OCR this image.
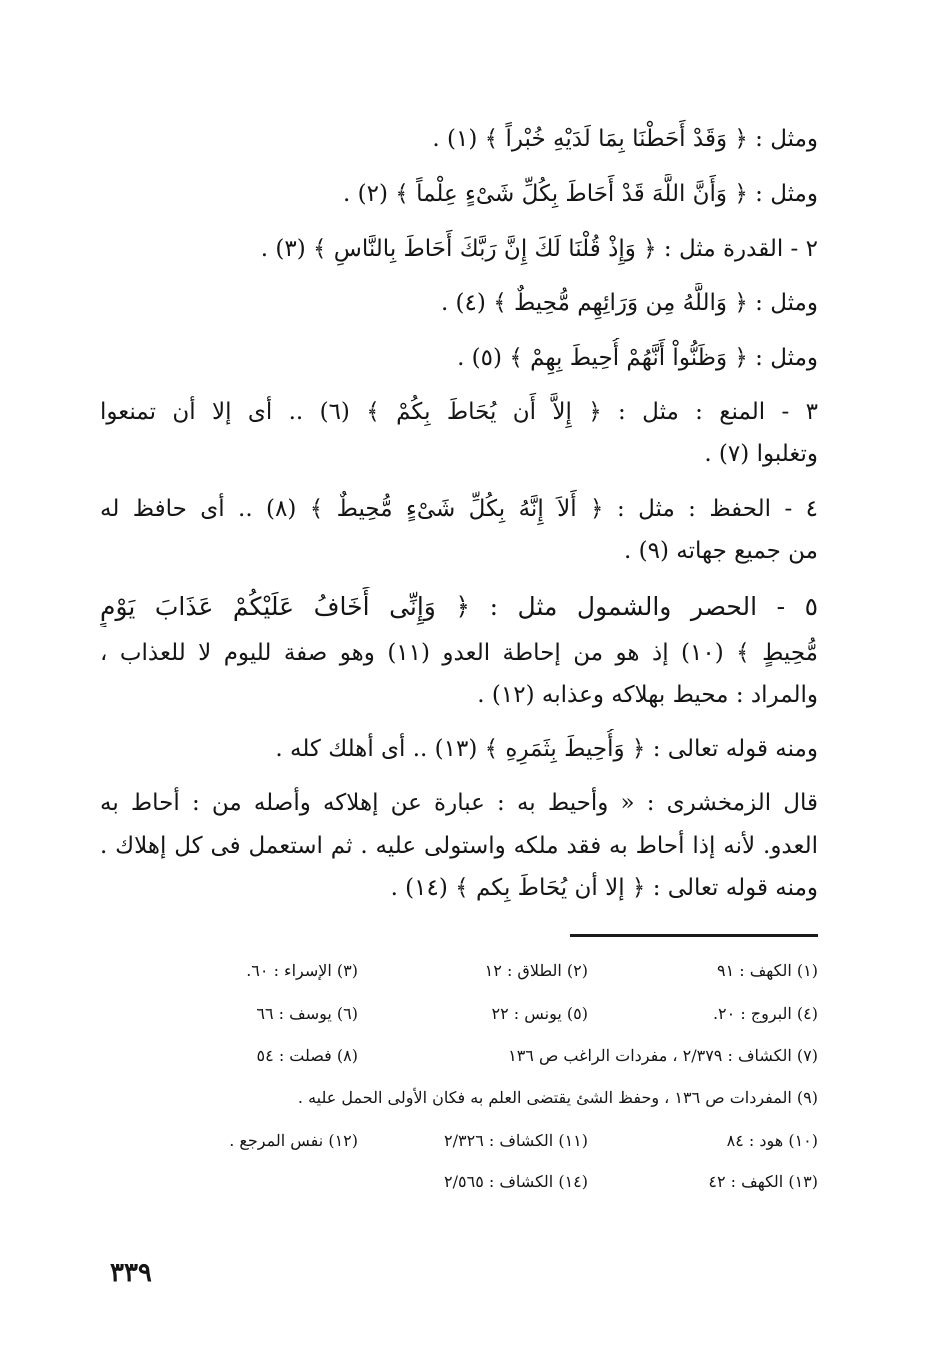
ومثل : ﴿ وَقَدْ أَحَطْنَا بِمَا لَدَيْهِ خُبْراً ﴾ (١) .
ومثل : ﴿ وَأَنَّ اللَّهَ قَدْ أَحَاطَ بِكُلِّ شَىْءٍ عِلْماً ﴾ (٢) .
٢ - القدرة مثل : ﴿ وَإِذْ قُلْنَا لَكَ إِنَّ رَبَّكَ أَحَاطَ بِالنَّاسِ ﴾ (٣) .
ومثل : ﴿ وَاللَّهُ مِن وَرَائِهِم مُّحِيطٌ ﴾ (٤) .
ومثل : ﴿ وَظَنُّواْ أَنَّهُمْ أُحِيطَ بِهِمْ ﴾ (٥) .
٣ - المنع : مثل : ﴿ إِلاَّ أَن يُحَاطَ بِكُمْ ﴾ (٦) .. أى إلا أن تمنعوا
وتغلبوا (٧) .
٤ - الحفظ : مثل : ﴿ أَلاَ إِنَّهُ بِكُلِّ شَىْءٍ مُّحِيطٌ ﴾ (٨) .. أى حافظ له
من جميع جهاته (٩) .
٥ - الحصر والشمول مثل : ﴿ وَإِنِّى أَخَافُ عَلَيْكُمْ عَذَابَ يَوْمٍ
مُّحِيطٍ ﴾ (١٠) إذ هو من إحاطة العدو (١١) وهو صفة لليوم لا للعذاب ،
والمراد : محيط بهلاكه وعذابه (١٢) .
ومنه قوله تعالى : ﴿ وَأُحِيطَ بِثَمَرِهِ ﴾ (١٣) .. أى أهلك كله .
قال الزمخشرى : « وأحيط به : عبارة عن إهلاكه وأصله من : أحاط به
العدو. لأنه إذا أحاط به فقد ملكه واستولى عليه . ثم استعمل فى كل إهلاك .
ومنه قوله تعالى : ﴿ إلا أن يُحَاطَ بِكم ﴾ (١٤) .
(١) الكهف : ٩١
(٢) الطلاق : ١٢
(٣) الإسراء : ٦٠.
(٤) البروج : ٢٠.
(٥) يونس : ٢٢
(٦) يوسف : ٦٦
(٧) الكشاف : ٢/٣٧٩ ، مفردات الراغب ص ١٣٦
(٨) فصلت : ٥٤
(٩) المفردات ص ١٣٦ ، وحفظ الشئ يقتضى العلم به فكان الأولى الحمل عليه .
(١٠) هود : ٨٤
(١١) الكشاف : ٢/٣٢٦
(١٢) نفس المرجع .
(١٣) الكهف : ٤٢
(١٤) الكشاف : ٢/٥٦٥
٣٣٩
